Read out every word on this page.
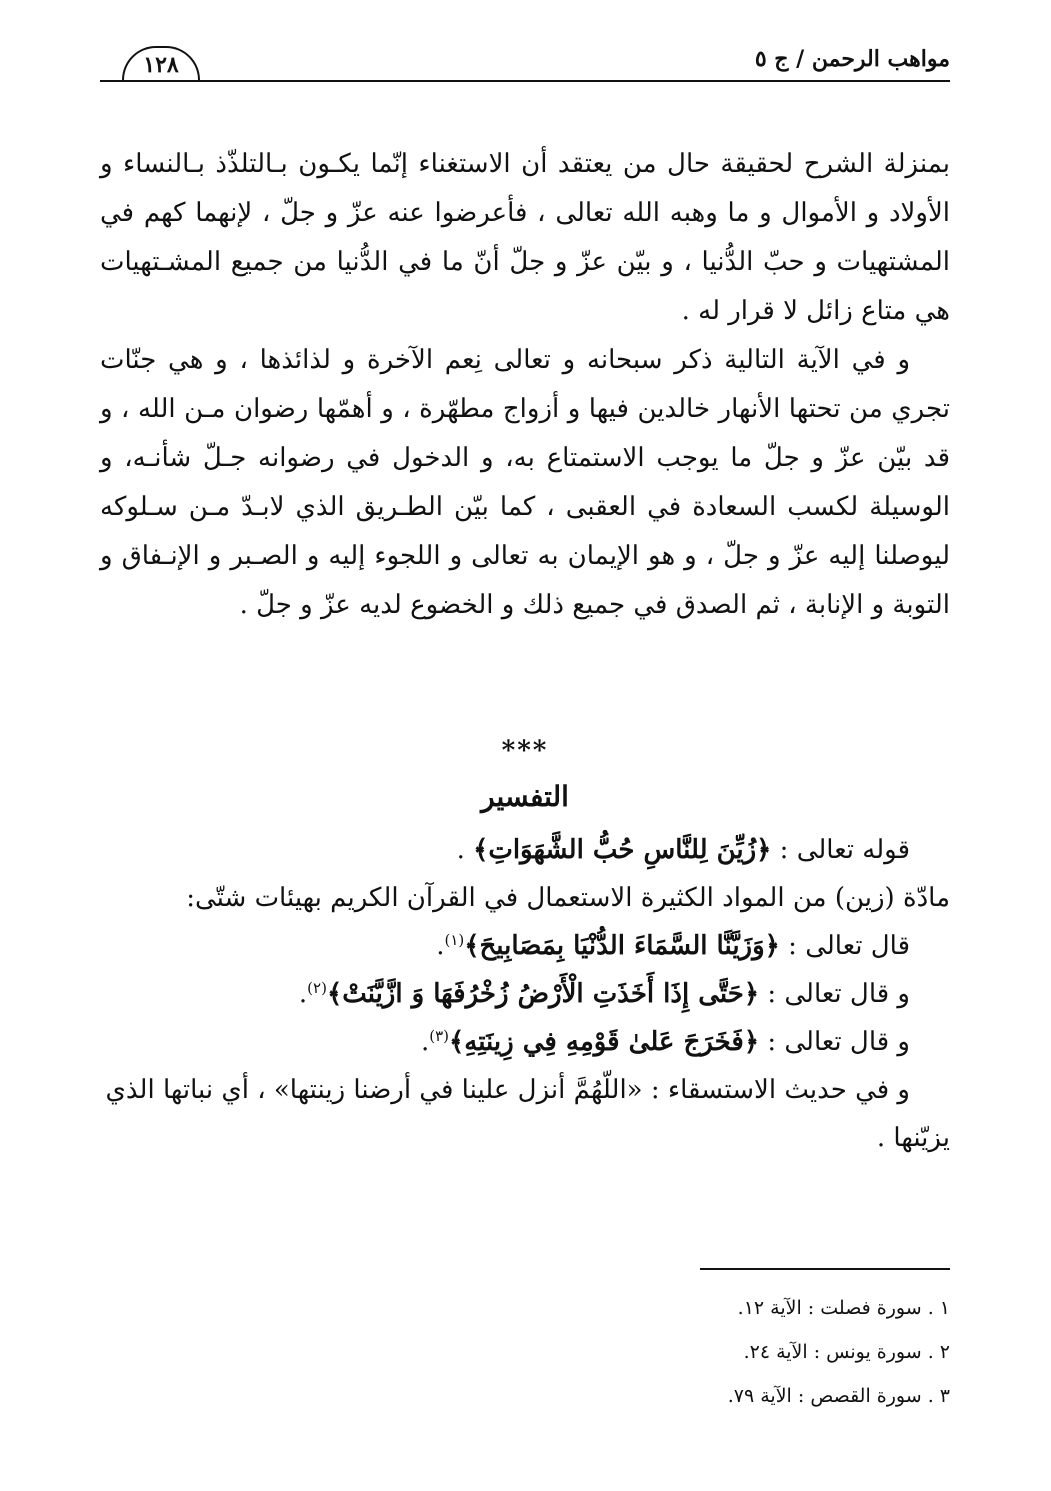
مواهب الرحمن / ج ٥
١٢٨

بمنزلة الشرح لحقيقة حال من يعتقد أن الاستغناء إنّما يكـون بـالتلذّذ بـالنساء و الأولاد و الأموال و ما وهبه الله تعالى ، فأعرضوا عنه عزّ و جلّ ، لإنهما كهم في المشتهيات و حبّ الدُّنيا ، و بيّن عزّ و جلّ أنّ ما في الدُّنيا من جميع المشـتهيات هي متاع زائل لا قرار له .

و في الآية التالية ذكر سبحانه و تعالى نِعم الآخرة و لذائذها ، و هي جنّات تجري من تحتها الأنهار خالدين فيها و أزواج مطهّرة ، و أهمّها رضوان مـن الله ، و قد بيّن عزّ و جلّ ما يوجب الاستمتاع به، و الدخول في رضوانه جـلّ شأنـه، و الوسيلة لكسب السعادة في العقبى ، كما بيّن الطـريق الذي لابـدّ مـن سـلوكه ليوصلنا إليه عزّ و جلّ ، و هو الإيمان به تعالى و اللجوء إليه و الصـبر و الإنـفاق و التوبة و الإنابة ، ثم الصدق في جميع ذلك و الخضوع لديه عزّ و جلّ .

***
التفسير

قوله تعالى : ﴿زُيِّنَ لِلنَّاسِ حُبُّ الشَّهَوَاتِ﴾ .

مادّة (زين) من المواد الكثيرة الاستعمال في القرآن الكريم بهيئات شتّى:

قال تعالى : ﴿وَزَيَّنَّا السَّمَاءَ الدُّنْيَا بِمَصَابِيحَ﴾$^{(١)}$.

و قال تعالى : ﴿حَتَّى إِذَا أَخَذَتِ الْأَرْضُ زُخْرُفَهَا وَ ازَّيَّنَتْ﴾$^{(٢)}$.

و قال تعالى : ﴿فَخَرَجَ عَلىٰ قَوْمِهِ فِي زِينَتِهِ﴾$^{(٣)}$.

و في حديث الاستسقاء : «اللّهُمَّ أنزل علينا في أرضنا زينتها» ، أي نباتها الذي يزيّنها .

١ . سورة فصلت : الآية ١٢.

٢ . سورة يونس : الآية ٢٤.

٣ . سورة القصص : الآية ٧٩.
